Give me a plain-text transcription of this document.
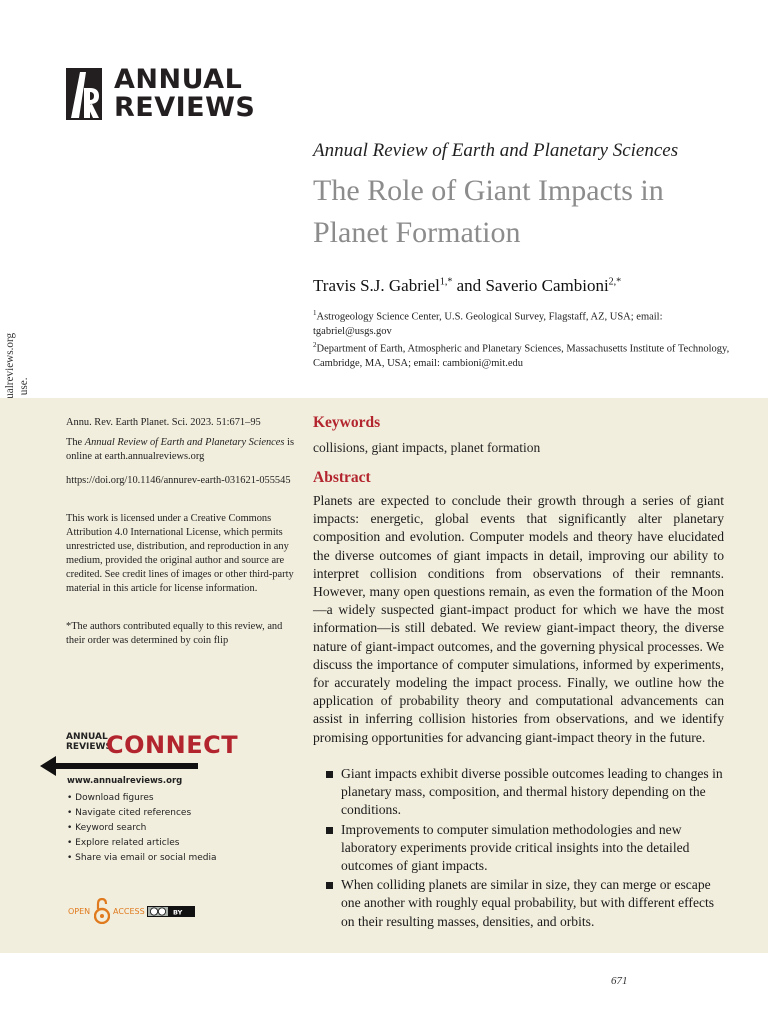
ANNUAL
REVIEWS
Annual Review of Earth and Planetary Sciences
The Role of Giant Impacts in Planet Formation
Travis S.J. Gabriel$^{1,*}$ and Saverio Cambioni$^{2,*}$
$^1$Astrogeology Science Center, U.S. Geological Survey, Flagstaff, AZ, USA; email: tgabriel@usgs.gov
$^2$Department of Earth, Atmospheric and Planetary Sciences, Massachusetts Institute of Technology, Cambridge, MA, USA; email: cambioni@mit.edu
Annu. Rev. Earth Planet. Sci. 2023. 51:671–95
The Annual Review of Earth and Planetary Sciences is online at earth.annualreviews.org
https://doi.org/10.1146/annurev-earth-031621-055545
This work is licensed under a Creative Commons Attribution 4.0 International License, which permits unrestricted use, distribution, and reproduction in any medium, provided the original author and source are credited. See credit lines of images or other third-party material in this article for license information.
*The authors contributed equally to this review, and their order was determined by coin flip
ANNUAL
REVIEWS
CONNECT
www.annualreviews.org
• Download figures
• Navigate cited references
• Keyword search
• Explore related articles
• Share via email or social media
OPEN	ACCESS	BY
Keywords
collisions, giant impacts, planet formation
Abstract
Planets are expected to conclude their growth through a series of giant impacts: energetic, global events that significantly alter planetary composition and evolution. Computer models and theory have elucidated the diverse outcomes of giant impacts in detail, improving our ability to interpret collision conditions from observations of their remnants. However, many open questions remain, as even the formation of the Moon—a widely suspected giant-impact product for which we have the most information—is still debated. We review giant-impact theory, the diverse nature of giant-impact outcomes, and the governing physical processes. We discuss the importance of computer simulations, informed by experiments, for accurately modeling the impact process. Finally, we outline how the application of probability theory and computational advancements can assist in inferring collision histories from observations, and we identify promising opportunities for advancing giant-impact theory in the future.
Giant impacts exhibit diverse possible outcomes leading to changes in planetary mass, composition, and thermal history depending on the conditions.
Improvements to computer simulation methodologies and new laboratory experiments provide critical insights into the detailed outcomes of giant impacts.
When colliding planets are similar in size, they can merge or escape one another with roughly equal probability, but with different effects on their resulting masses, densities, and orbits.
671
